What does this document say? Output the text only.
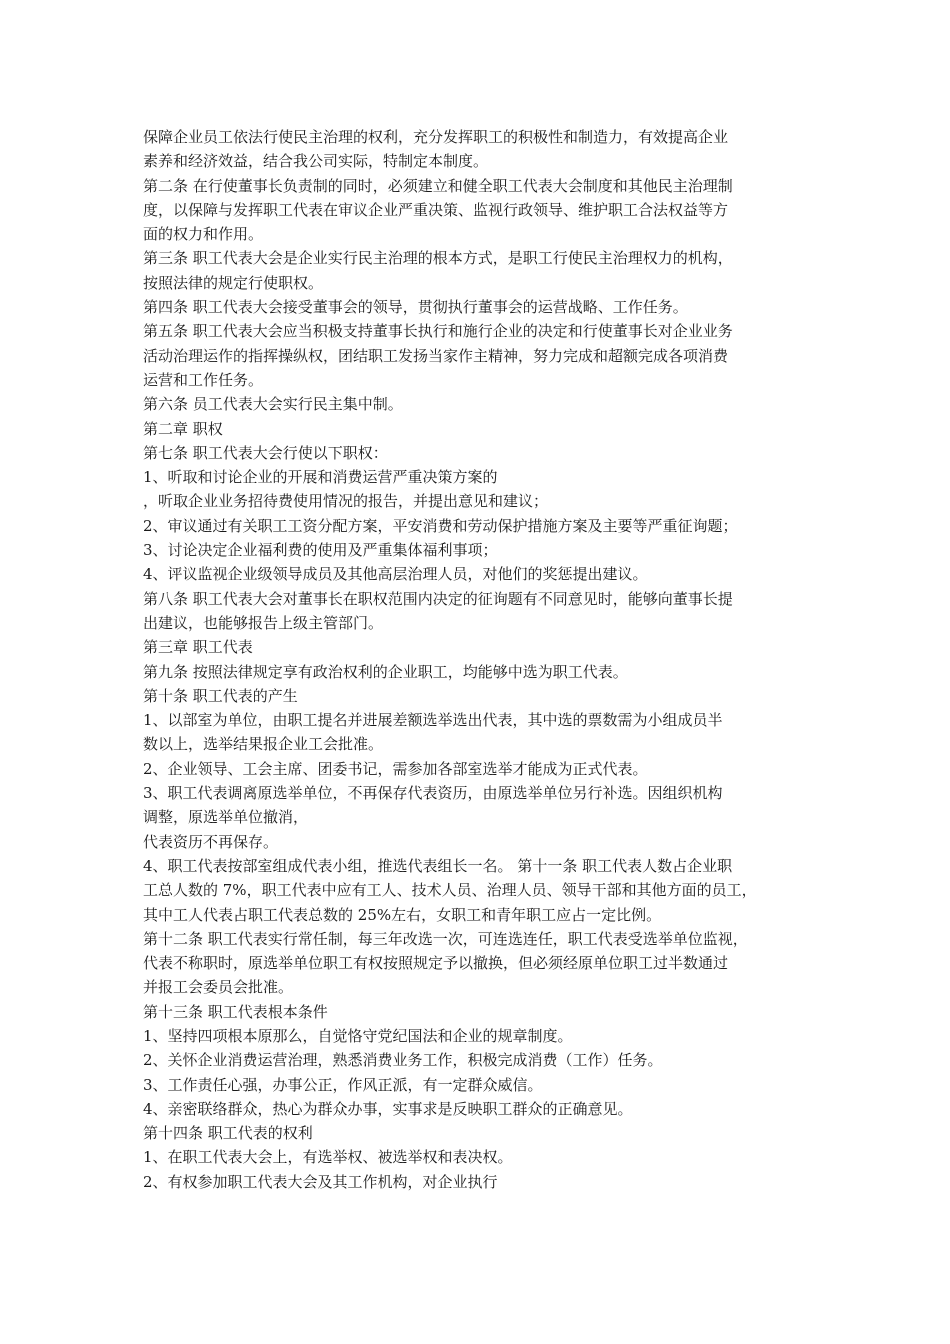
保障企业员工依法行使民主治理的权利，充分发挥职工的积极性和制造力，有效提高企业
素养和经济效益，结合我公司实际，特制定本制度。
第二条 在行使董事长负责制的同时，必须建立和健全职工代表大会制度和其他民主治理制
度，以保障与发挥职工代表在审议企业严重决策、监视行政领导、维护职工合法权益等方
面的权力和作用。
第三条 职工代表大会是企业实行民主治理的根本方式，是职工行使民主治理权力的机构，
按照法律的规定行使职权。
第四条 职工代表大会接受董事会的领导，贯彻执行董事会的运营战略、工作任务。
第五条 职工代表大会应当积极支持董事长执行和施行企业的决定和行使董事长对企业业务
活动治理运作的指挥操纵权，团结职工发扬当家作主精神，努力完成和超额完成各项消费
运营和工作任务。
第六条 员工代表大会实行民主集中制。
第二章 职权
第七条 职工代表大会行使以下职权：
1、听取和讨论企业的开展和消费运营严重决策方案的
，听取企业业务招待费使用情况的报告，并提出意见和建议；
2、审议通过有关职工工资分配方案，平安消费和劳动保护措施方案及主要等严重征询题；
3、讨论决定企业福利费的使用及严重集体福利事项；
4、评议监视企业级领导成员及其他高层治理人员，对他们的奖惩提出建议。
第八条 职工代表大会对董事长在职权范围内决定的征询题有不同意见时，能够向董事长提
出建议，也能够报告上级主管部门。
第三章 职工代表
第九条 按照法律规定享有政治权利的企业职工，均能够中选为职工代表。
第十条 职工代表的产生
1、以部室为单位，由职工提名并进展差额选举选出代表，其中选的票数需为小组成员半
数以上，选举结果报企业工会批准。
2、企业领导、工会主席、团委书记，需参加各部室选举才能成为正式代表。
3、职工代表调离原选举单位，不再保存代表资历，由原选举单位另行补选。因组织机构
调整，原选举单位撤消，
代表资历不再保存。
4、职工代表按部室组成代表小组，推选代表组长一名。 第十一条 职工代表人数占企业职
工总人数的 7%，职工代表中应有工人、技术人员、治理人员、领导干部和其他方面的员工，
其中工人代表占职工代表总数的 25%左右，女职工和青年职工应占一定比例。
第十二条 职工代表实行常任制，每三年改选一次，可连选连任，职工代表受选举单位监视，
代表不称职时，原选举单位职工有权按照规定予以撤换，但必须经原单位职工过半数通过
并报工会委员会批准。
第十三条 职工代表根本条件
1、坚持四项根本原那么，自觉恪守党纪国法和企业的规章制度。
2、关怀企业消费运营治理，熟悉消费业务工作，积极完成消费（工作）任务。
3、工作责任心强，办事公正，作风正派，有一定群众威信。
4、亲密联络群众，热心为群众办事，实事求是反映职工群众的正确意见。
第十四条 职工代表的权利
1、在职工代表大会上，有选举权、被选举权和表决权。
2、有权参加职工代表大会及其工作机构，对企业执行
